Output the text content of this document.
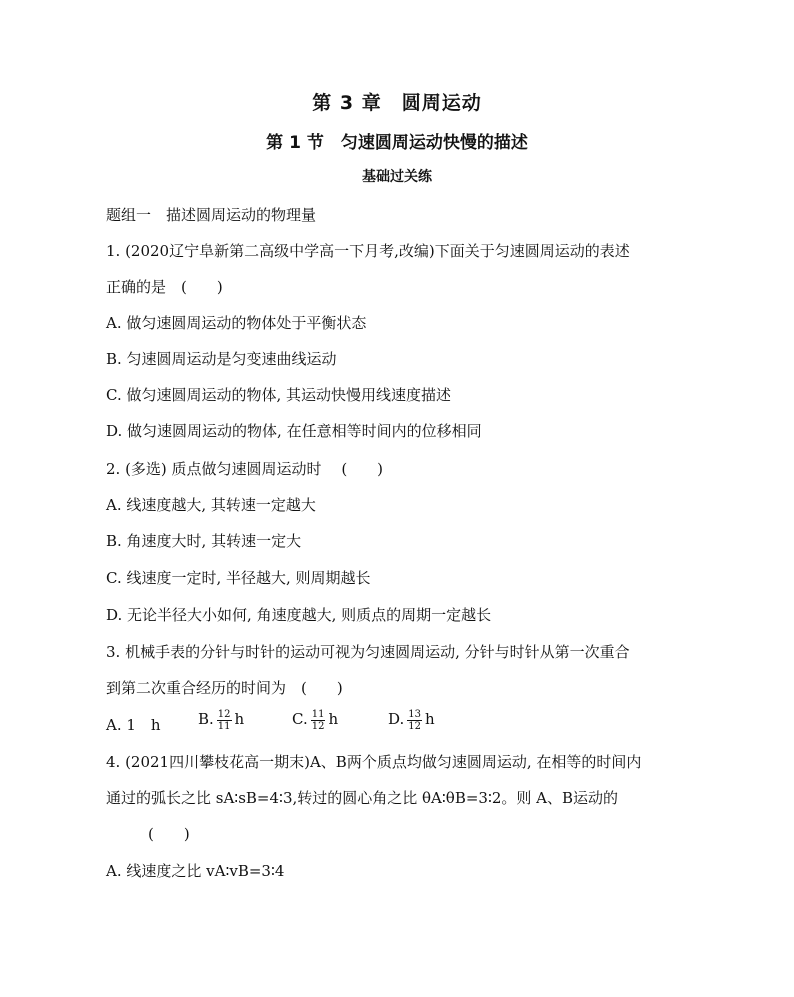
第 3 章　圆周运动
第 1 节　匀速圆周运动快慢的描述
基础过关练
题组一　描述圆周运动的物理量
1. (2020辽宁阜新第二高级中学高一下月考,改编)下面关于匀速圆周运动的表述
正确的是　(　　)
A. 做匀速圆周运动的物体处于平衡状态
B. 匀速圆周运动是匀变速曲线运动
C. 做匀速圆周运动的物体, 其运动快慢用线速度描述
D. 做匀速圆周运动的物体, 在任意相等时间内的位移相同
2. (多选) 质点做匀速圆周运动时　 (　　)
A. 线速度越大, 其转速一定越大
B. 角速度大时, 其转速一定大
C. 线速度一定时, 半径越大, 则周期越长
D. 无论半径大小如何, 角速度越大, 则质点的周期一定越长
3. 机械手表的分针与时针的运动可视为匀速圆周运动, 分针与时针从第一次重合
到第二次重合经历的时间为　(　　)
A. 1　h B. $\frac{12}{11}$ h	C. $\frac{11}{12}$ h	D. $\frac{13}{12}$ h
4. (2021四川攀枝花高一期末)A、B两个质点均做匀速圆周运动, 在相等的时间内
通过的弧长之比 sA∶sB=4∶3,转过的圆心角之比 θA∶θB=3∶2。则 A、B运动的
(　　)
A. 线速度之比 vA∶vB=3∶4
